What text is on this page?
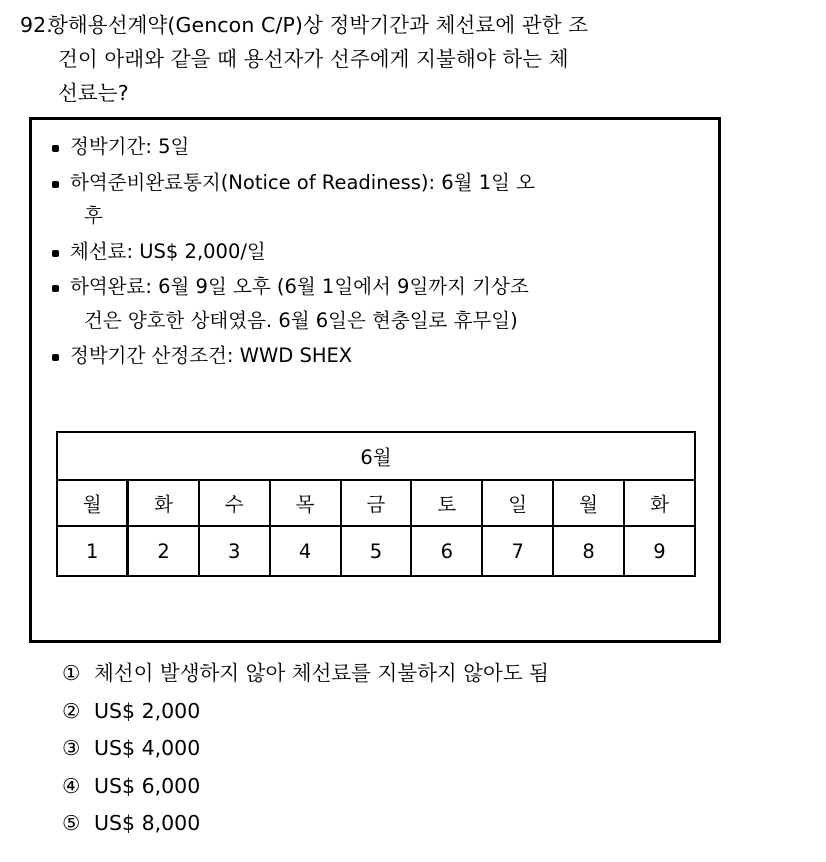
92.항해용선계약(Gencon C/P)상 정박기간과 체선료에 관한 조
건이 아래와 같을 때 용선자가 선주에게 지불해야 하는 체
선료는?
정박기간: 5일
하역준비완료통지(Notice of Readiness): 6월 1일 오
후
체선료: US$ 2,000/일
하역완료: 6월 9일 오후 (6월 1일에서 9일까지 기상조
건은 양호한 상태였음. 6월 6일은 현충일로 휴무일)
정박기간 산정조건: WWD SHEX
6월								
월	화	수	목	금	토	일	월	화
1	2	3	4	5	6	7	8	9
① 체선이 발생하지 않아 체선료를 지불하지 않아도 됨
② US$ 2,000
③ US$ 4,000
④ US$ 6,000
⑤ US$ 8,000
